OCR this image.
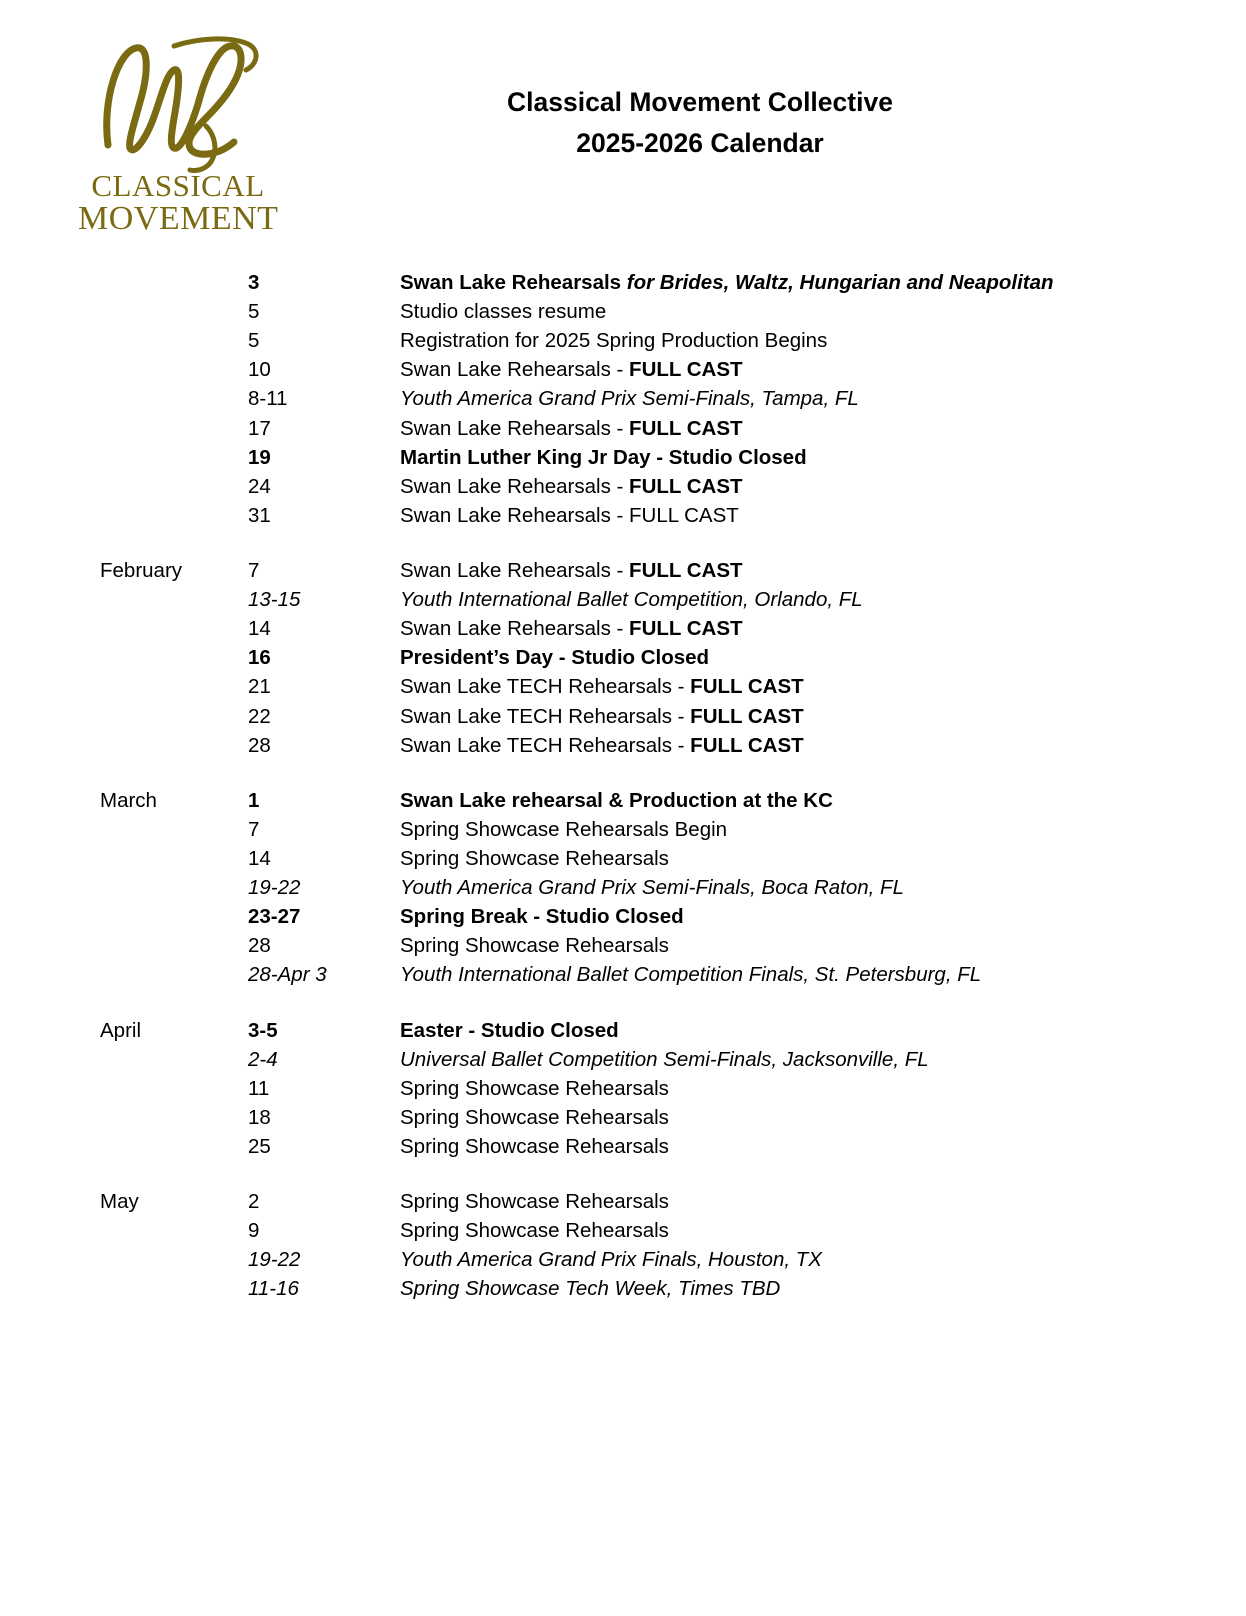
CLASSICAL
MOVEMENT
Classical Movement Collective
2025-2026 Calendar
3	Swan Lake Rehearsals for Brides, Waltz, Hungarian and Neapolitan
5	Studio classes resume
5	Registration for 2025 Spring Production Begins
10	Swan Lake Rehearsals - FULL CAST
8-11	Youth America Grand Prix Semi-Finals, Tampa, FL
17	Swan Lake Rehearsals - FULL CAST
19	Martin Luther King Jr Day - Studio Closed
24	Swan Lake Rehearsals - FULL CAST
31	Swan Lake Rehearsals - FULL CAST
February	7	Swan Lake Rehearsals - FULL CAST
13-15	Youth International Ballet Competition, Orlando, FL
14	Swan Lake Rehearsals - FULL CAST
16	President’s Day - Studio Closed
21	Swan Lake TECH Rehearsals - FULL CAST
22	Swan Lake TECH Rehearsals - FULL CAST
28	Swan Lake TECH Rehearsals - FULL CAST
March	1	Swan Lake rehearsal & Production at the KC
7	Spring Showcase Rehearsals Begin
14	Spring Showcase Rehearsals
19-22	Youth America Grand Prix Semi-Finals, Boca Raton, FL
23-27	Spring Break - Studio Closed
28	Spring Showcase Rehearsals
28-Apr 3	Youth International Ballet Competition Finals, St. Petersburg, FL
April	3-5	Easter - Studio Closed
2-4	Universal Ballet Competition Semi-Finals, Jacksonville, FL
11	Spring Showcase Rehearsals
18	Spring Showcase Rehearsals
25	Spring Showcase Rehearsals
May	2	Spring Showcase Rehearsals
9	Spring Showcase Rehearsals
19-22	Youth America Grand Prix Finals, Houston, TX
11-16	Spring Showcase Tech Week, Times TBD
